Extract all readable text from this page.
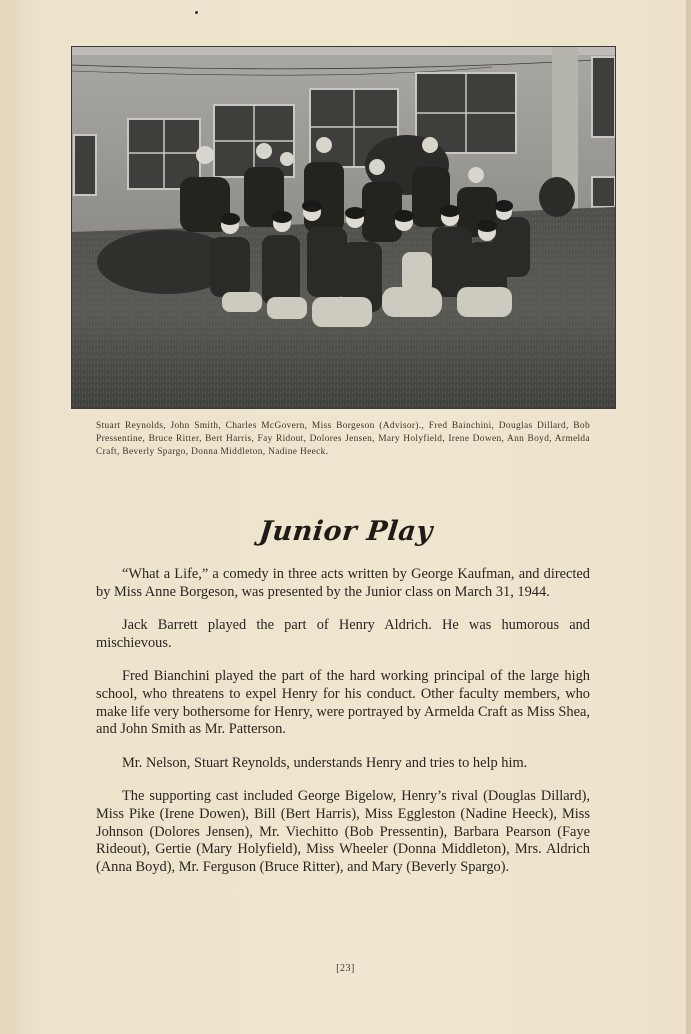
Stuart Reynolds, John Smith, Charles McGovern, Miss Borgeson (Advisor)., Fred Bainchini, Douglas Dillard, Bob Pressentine, Bruce Ritter, Bert Harris, Fay Ridout, Dolores Jensen, Mary Holyfield, Irene Dowen, Ann Boyd, Armelda Craft, Beverly Spargo, Donna Middleton, Nadine Heeck.

Junior Play

“What a Life,” a comedy in three acts written by George Kaufman, and directed by Miss Anne Borgeson, was presented by the Junior class on March 31, 1944.

Jack Barrett played the part of Henry Aldrich. He was humorous and mischievous.

Fred Bianchini played the part of the hard working principal of the large high school, who threatens to expel Henry for his conduct. Other faculty members, who make life very bothersome for Henry, were portrayed by Armelda Craft as Miss Shea, and John Smith as Mr. Patterson.

Mr. Nelson, Stuart Reynolds, understands Henry and tries to help him.

The supporting cast included George Bigelow, Henry’s rival (Douglas Dillard), Miss Pike (Irene Dowen), Bill (Bert Harris), Miss Eggleston (Nadine Heeck), Miss Johnson (Dolores Jensen), Mr. Viechitto (Bob Pressentin), Barbara Pearson (Faye Rideout), Gertie (Mary Holyfield), Miss Wheeler (Donna Middleton), Mrs. Aldrich (Anna Boyd), Mr. Ferguson (Bruce Ritter), and Mary (Beverly Spargo).

[23]
